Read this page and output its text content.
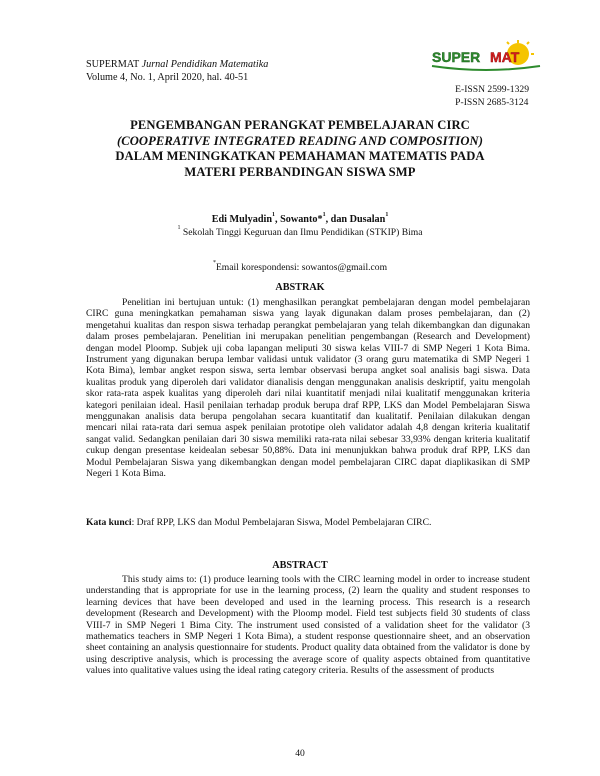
SUPERMAT Jurnal Pendidikan Matematika
Volume 4, No. 1, April 2020, hal. 40-51
SUPER MAT
E-ISSN 2599-1329
P-ISSN 2685-3124
PENGEMBANGAN PERANGKAT PEMBELAJARAN CIRC
(COOPERATIVE INTEGRATED READING AND COMPOSITION)
DALAM MENINGKATKAN PEMAHAMAN MATEMATIS PADA
MATERI PERBANDINGAN SISWA SMP
Edi Mulyadin$^1$, Sowanto*$^1$, dan Dusalan$^1$
$^1$ Sekolah Tinggi Keguruan dan Ilmu Pendidikan (STKIP) Bima
*Email korespondensi: sowantos@gmail.com
ABSTRAK

Penelitian ini bertujuan untuk: (1) menghasilkan perangkat pembelajaran dengan model pembelajaran CIRC guna meningkatkan pemahaman siswa yang layak digunakan dalam proses pembelajaran, dan (2) mengetahui kualitas dan respon siswa terhadap perangkat pembelajaran yang telah dikembangkan dan digunakan dalam proses pembelajaran. Penelitian ini merupakan penelitian pengembangan (Research and Development) dengan model Ploomp. Subjek uji coba lapangan meliputi 30 siswa kelas VIII-7 di SMP Negeri 1 Kota Bima. Instrument yang digunakan berupa lembar validasi untuk validator (3 orang guru matematika di SMP Negeri 1 Kota Bima), lembar angket respon siswa, serta lembar observasi berupa angket soal analisis bagi siswa. Data kualitas produk yang diperoleh dari validator dianalisis dengan menggunakan analisis deskriptif, yaitu mengolah skor rata-rata aspek kualitas yang diperoleh dari nilai kuantitatif menjadi nilai kualitatif menggunakan kriteria kategori penilaian ideal. Hasil penilaian terhadap produk berupa draf RPP, LKS dan Model Pembelajaran Siswa menggunakan analisis data berupa pengolahan secara kuantitatif dan kualitatif. Penilaian dilakukan dengan mencari nilai rata-rata dari semua aspek penilaian prototipe oleh validator adalah 4,8 dengan kriteria kualitatif sangat valid. Sedangkan penilaian dari 30 siswa memiliki rata-rata nilai sebesar 33,93% dengan kriteria kualitatif cukup dengan presentase keidealan sebesar 50,88%. Data ini menunjukkan bahwa produk draf RPP, LKS dan Modul Pembelajaran Siswa yang dikembangkan dengan model pembelajaran CIRC dapat diaplikasikan di SMP Negeri 1 Kota Bima.

Kata kunci: Draf RPP, LKS dan Modul Pembelajaran Siswa, Model Pembelajaran CIRC.
ABSTRACT

This study aims to: (1) produce learning tools with the CIRC learning model in order to increase student understanding that is appropriate for use in the learning process, (2) learn the quality and student responses to learning devices that have been developed and used in the learning process. This research is a research development (Research and Development) with the Ploomp model. Field test subjects field 30 students of class VIII-7 in SMP Negeri 1 Bima City. The instrument used consisted of a validation sheet for the validator (3 mathematics teachers in SMP Negeri 1 Kota Bima), a student response questionnaire sheet, and an observation sheet containing an analysis questionnaire for students. Product quality data obtained from the validator is done by using descriptive analysis, which is processing the average score of quality aspects obtained from quantitative values into qualitative values using the ideal rating category criteria. Results of the assessment of products

40
